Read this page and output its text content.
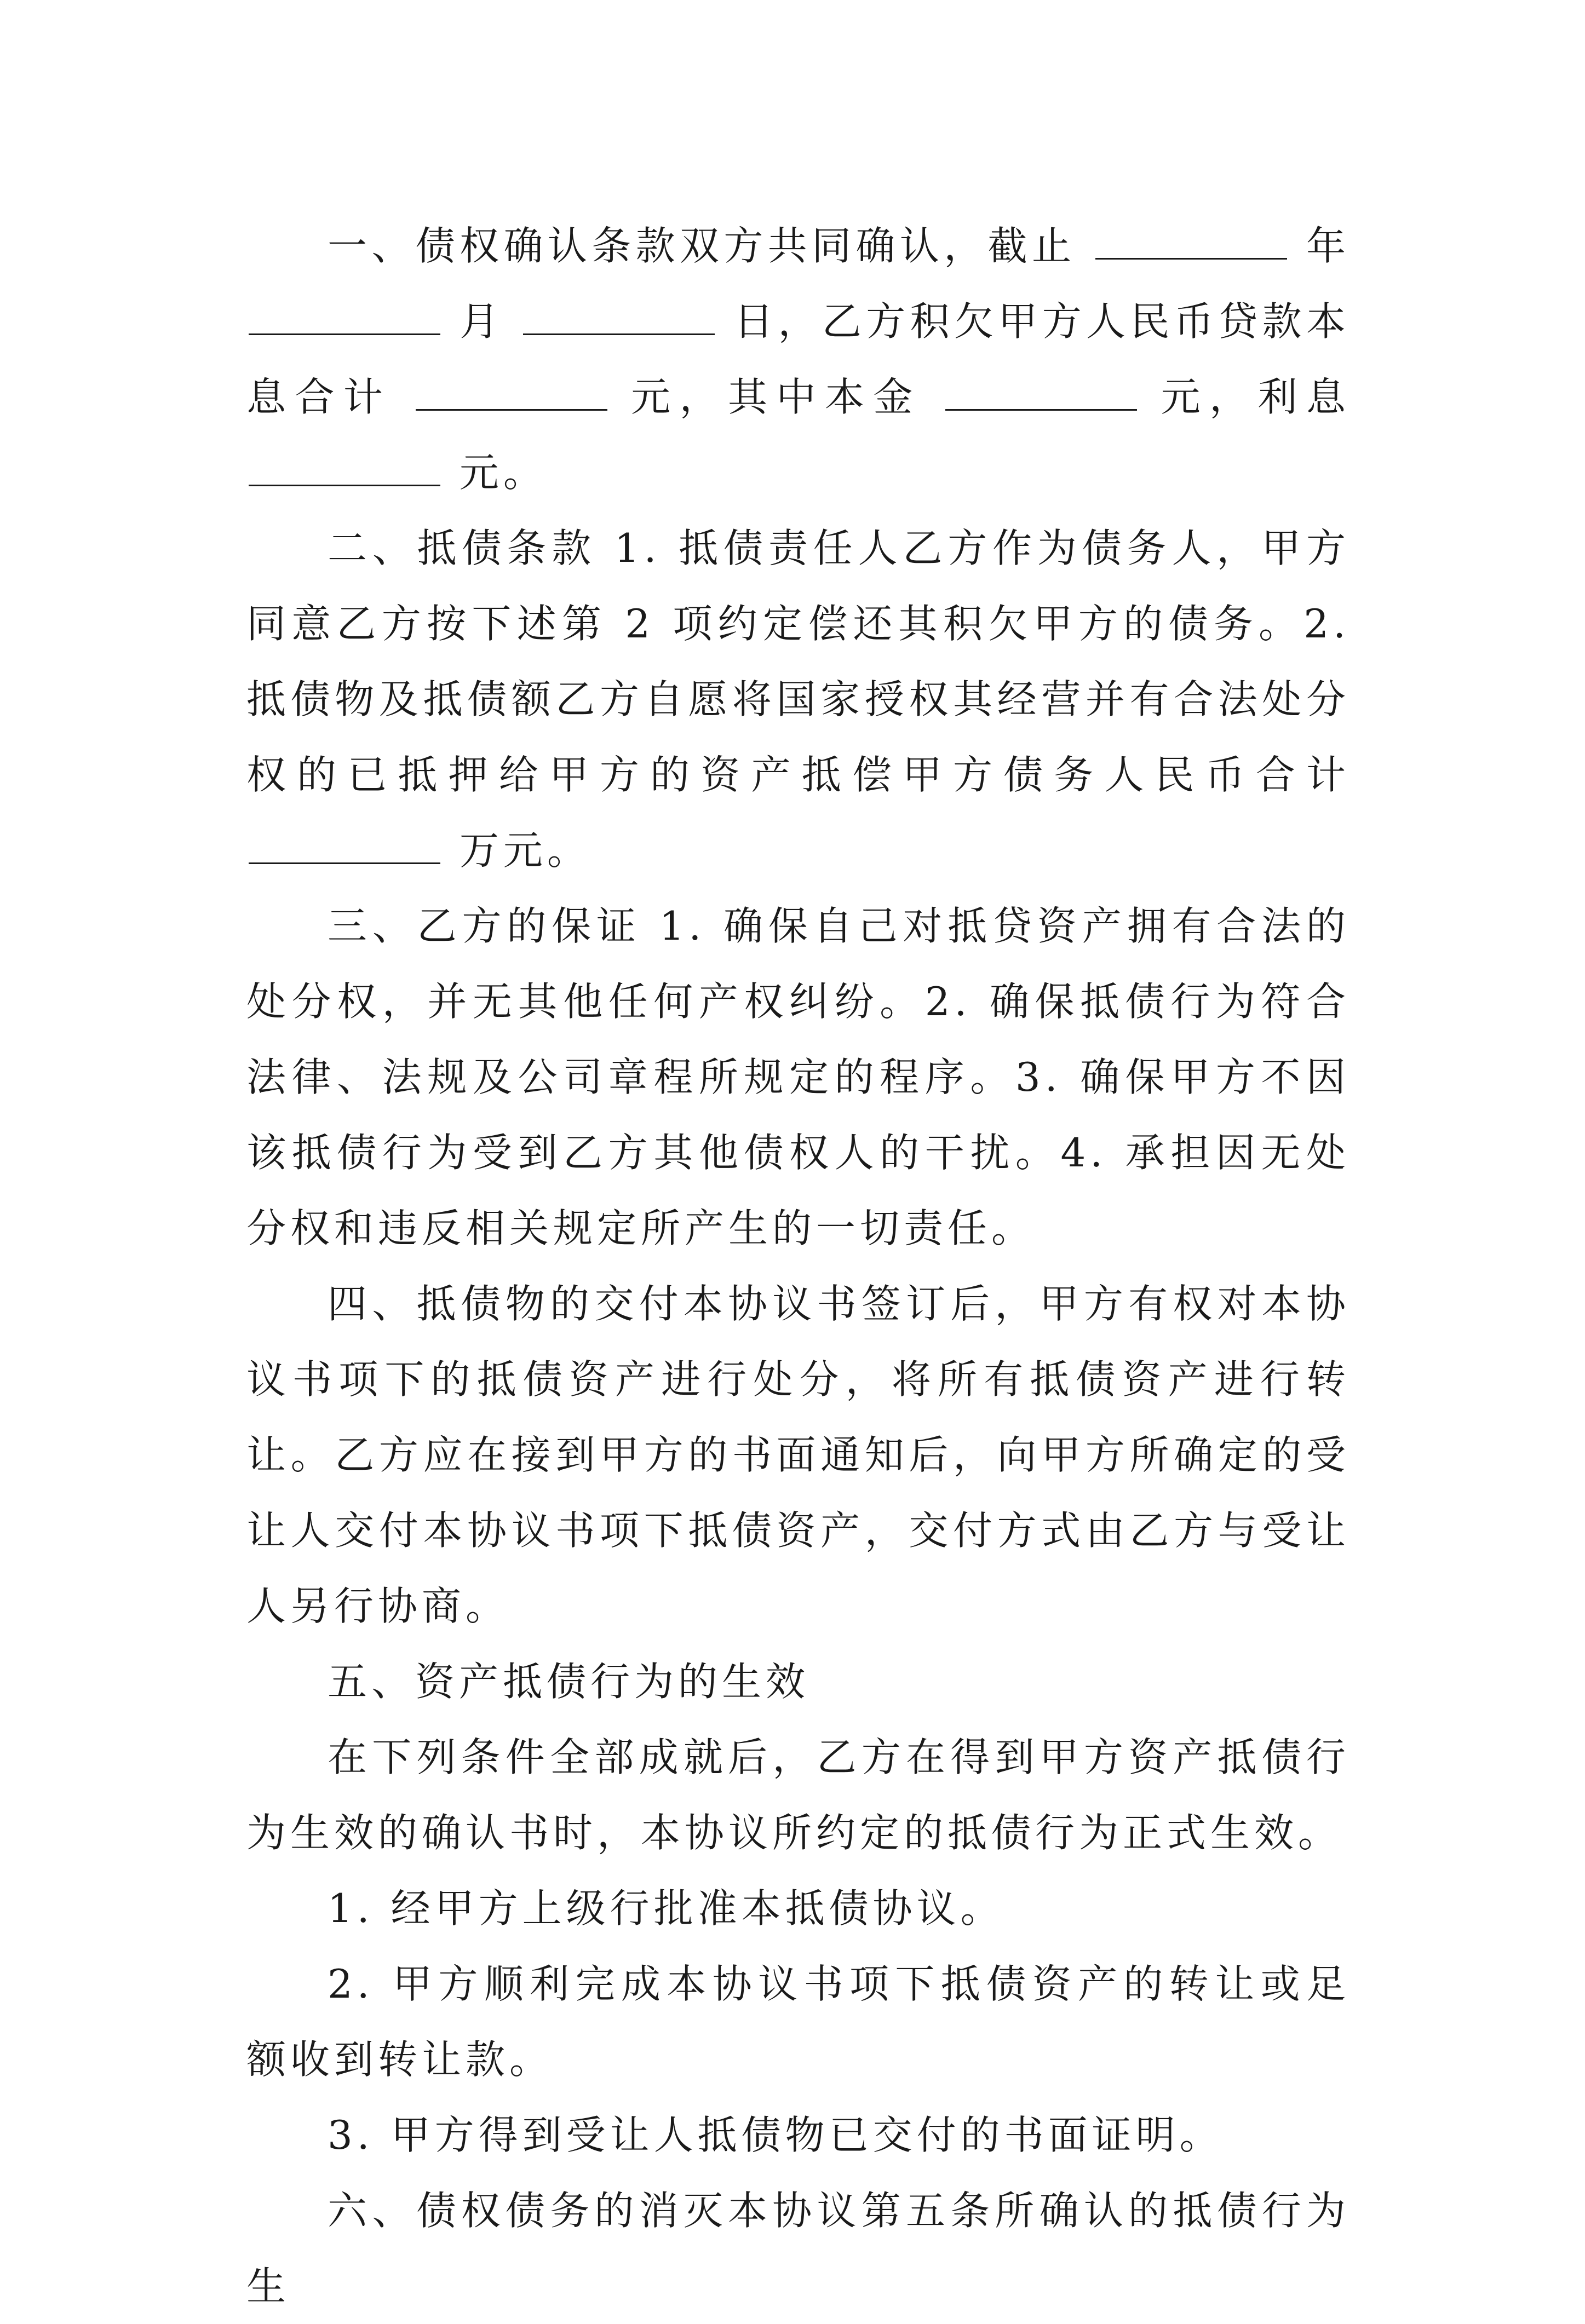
一、债权确认条款双方共同确认，截止	年  月	日，乙方积欠甲方人民币贷款本息合计	元，其中本金	元，利息  元。

二、抵债条款 1. 抵债责任人乙方作为债务人，甲方同意乙方按下述第 2 项约定偿还其积欠甲方的债务。2. 抵债物及抵债额乙方自愿将国家授权其经营并有合法处分权的已抵押给甲方的资产抵偿甲方债务人民币合计  万元。

三、乙方的保证 1. 确保自己对抵贷资产拥有合法的处分权，并无其他任何产权纠纷。2. 确保抵债行为符合法律、法规及公司章程所规定的程序。3. 确保甲方不因该抵债行为受到乙方其他债权人的干扰。4. 承担因无处分权和违反相关规定所产生的一切责任。

四、抵债物的交付本协议书签订后，甲方有权对本协议书项下的抵债资产进行处分，将所有抵债资产进行转让。乙方应在接到甲方的书面通知后，向甲方所确定的受让人交付本协议书项下抵债资产，交付方式由乙方与受让人另行协商。

五、资产抵债行为的生效

在下列条件全部成就后，乙方在得到甲方资产抵债行为生效的确认书时，本协议所约定的抵债行为正式生效。

1. 经甲方上级行批准本抵债协议。

2. 甲方顺利完成本协议书项下抵债资产的转让或足额收到转让款。

3. 甲方得到受让人抵债物已交付的书面证明。

六、债权债务的消灭本协议第五条所确认的抵债行为生
